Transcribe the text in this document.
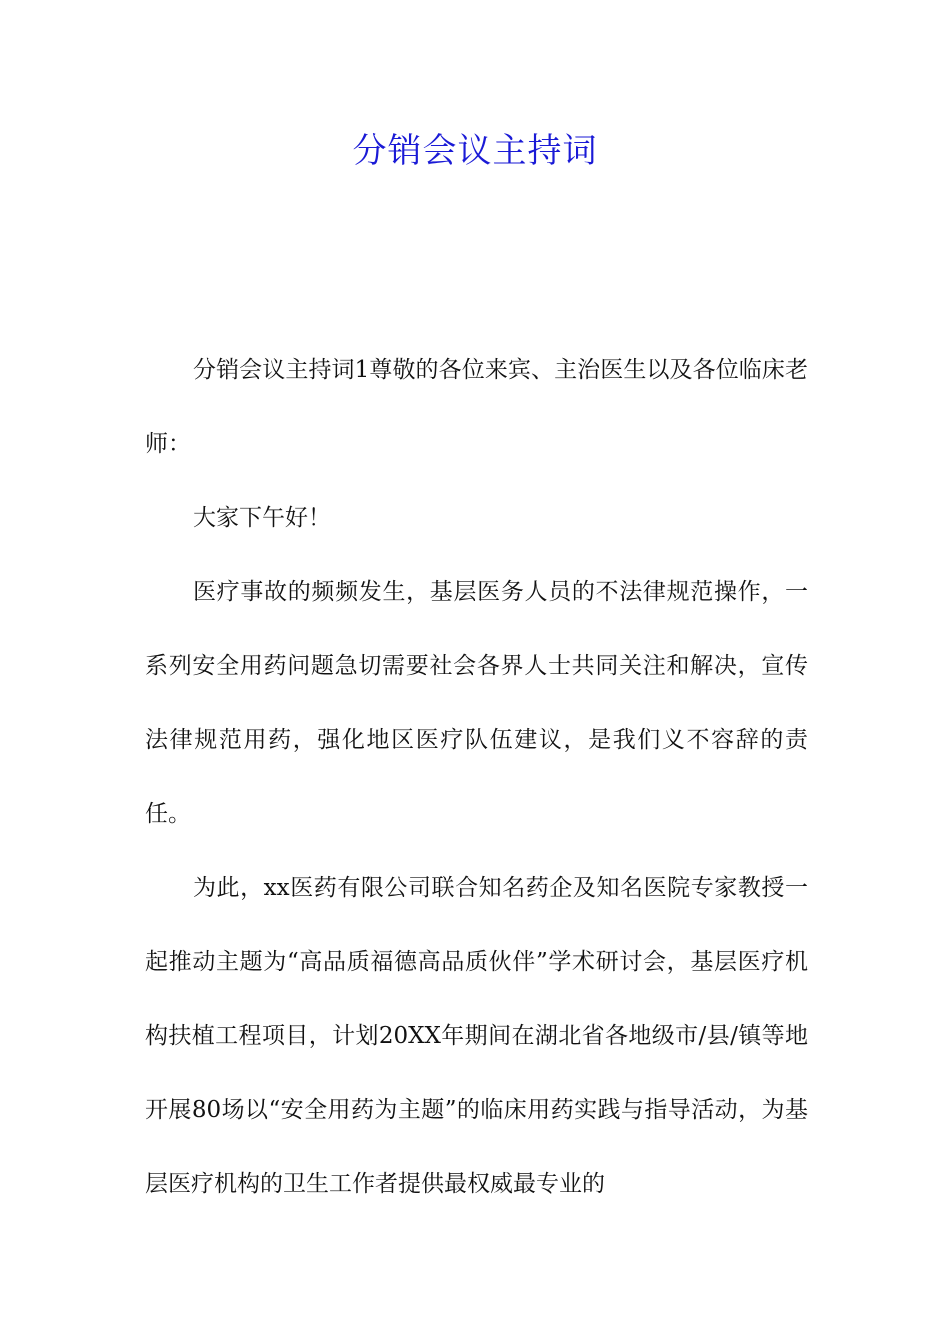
分销会议主持词

分销会议主持词1尊敬的各位来宾、主治医生以及各位临床老师：

大家下午好！

医疗事故的频频发生，基层医务人员的不法律规范操作，一系列安全用药问题急切需要社会各界人士共同关注和解决，宣传法律规范用药，强化地区医疗队伍建议，是我们义不容辞的责任。

为此，xx医药有限公司联合知名药企及知名医院专家教授一起推动主题为“高品质福德高品质伙伴”学术研讨会，基层医疗机构扶植工程项目，计划20XX年期间在湖北省各地级市/县/镇等地开展80场以“安全用药为主题”的临床用药实践与指导活动，为基层医疗机构的卫生工作者提供最权威最专业的
